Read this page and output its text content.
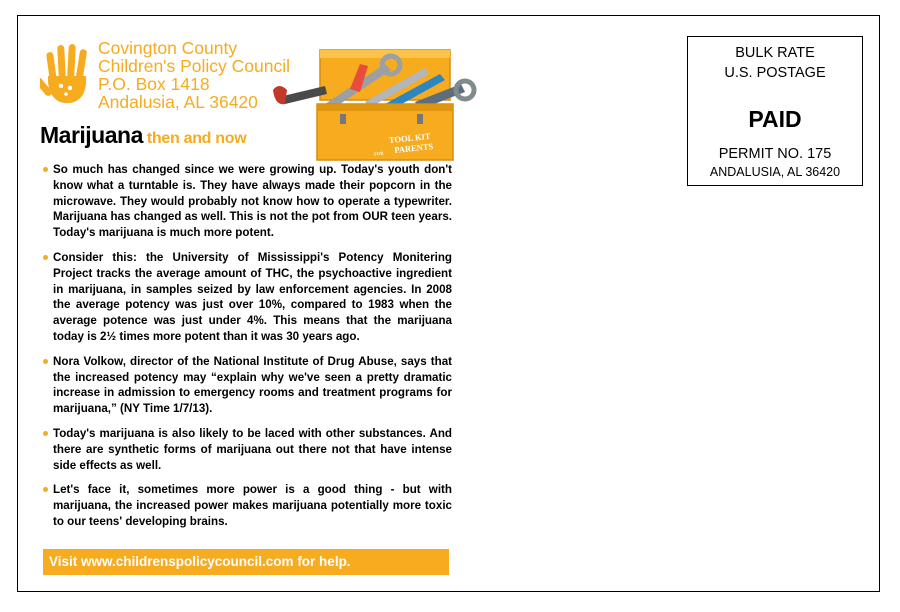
Covington County
Children's Policy Council
P.O. Box 1418
Andalusia, AL 36420
TOOL KIT
FOR PARENTS
Marijuana then and now

So much has changed since we were growing up. Today's youth don't know what a turntable is. They have always made their popcorn in the microwave. They would probably not know how to operate a typewriter. Marijuana has changed as well. This is not the pot from OUR teen years. Today's marijuana is much more potent.

Consider this: the University of Mississippi's Potency Monitering Project tracks the average amount of THC, the psychoactive ingredient in marijuana, in samples seized by law enforcement agencies. In 2008 the average potency was just over 10%, compared to 1983 when the average potence was just under 4%. This means that the marijuana today is 2½ times more potent than it was 30 years ago.

Nora Volkow, director of the National Institute of Drug Abuse, says that the increased potency may “explain why we've seen a pretty dramatic increase in admission to emergency rooms and treatment programs for marijuana,” (NY Time 1/7/13).

Today's marijuana is also likely to be laced with other substances. And there are synthetic forms of marijuana out there not that have intense side effects as well.

Let's face it, sometimes more power is a good thing - but with marijuana, the increased power makes marijuana potentially more toxic to our teens' developing brains.

Visit www.childrenspolicycouncil.com for help.
BULK RATE
U.S. POSTAGE
PAID
PERMIT NO. 175
ANDALUSIA, AL 36420
